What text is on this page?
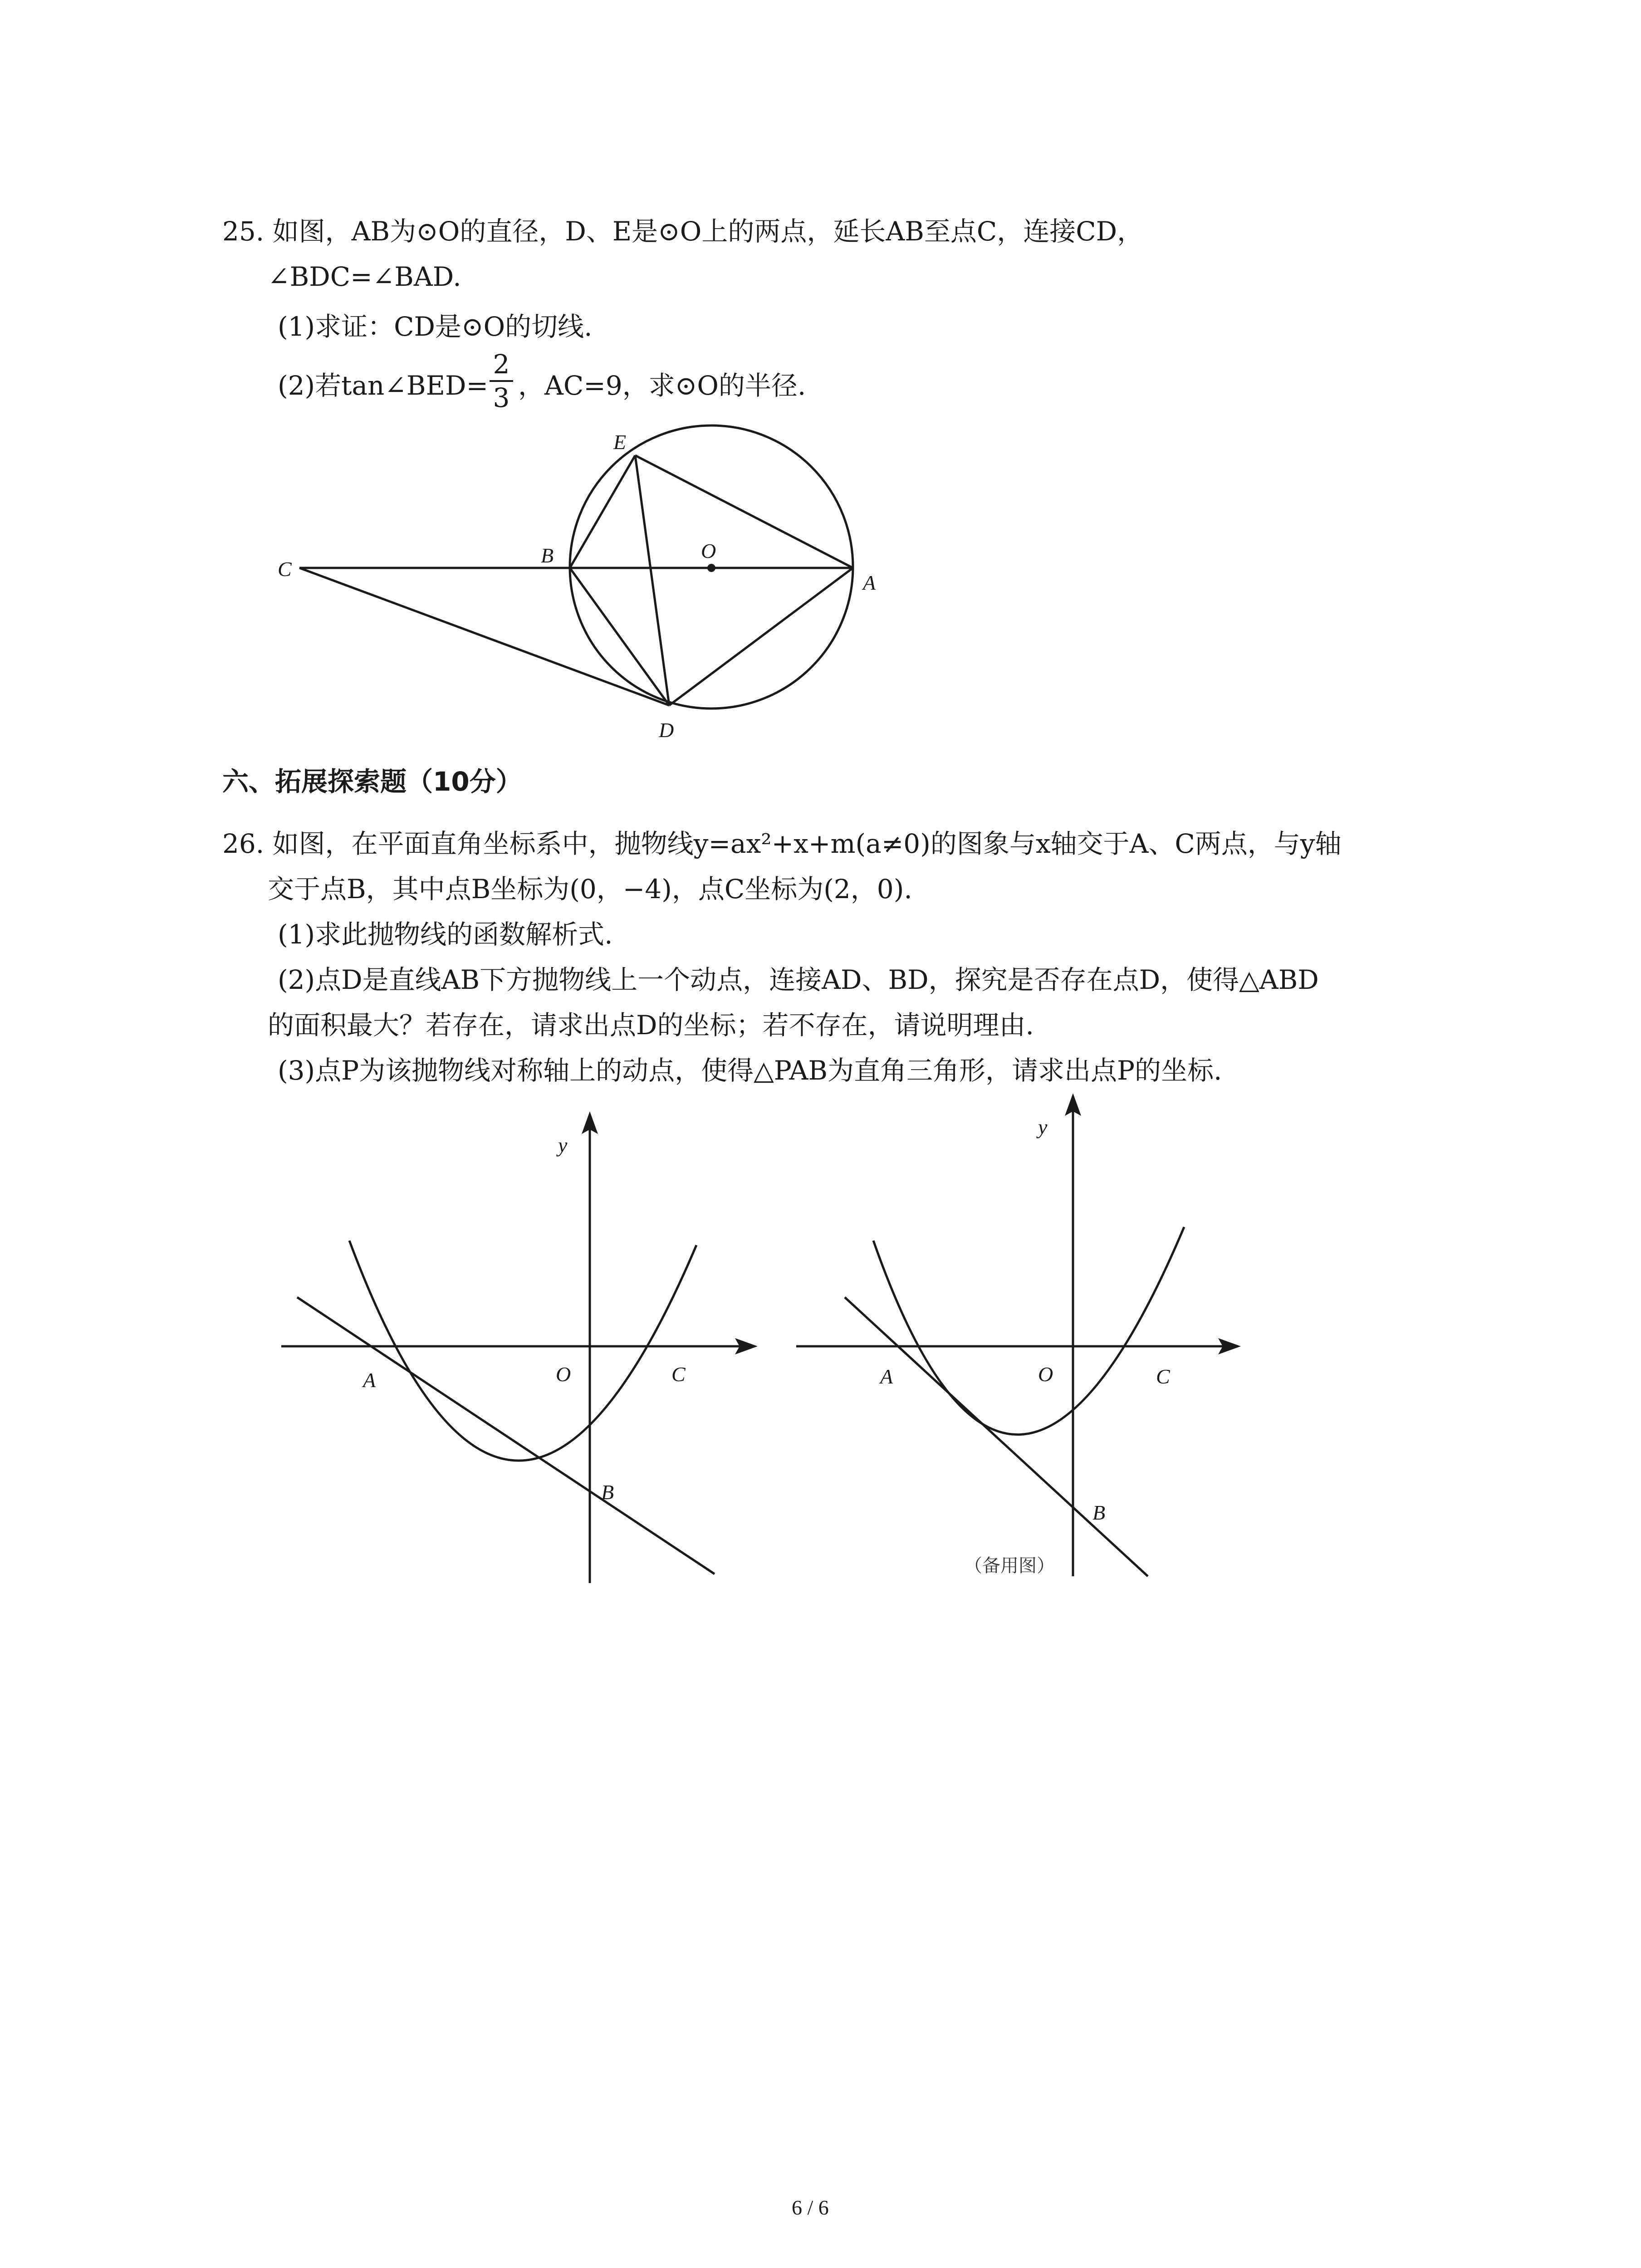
25. 如图，AB为⊙O的直径，D、E是⊙O上的两点，延长AB至点C，连接CD，
∠BDC=∠BAD.
(1)求证：CD是⊙O的切线.
(2)若tan∠BED=
2
3 ，AC=9，求⊙O的半径.
E
B	O
A
C
D
六、拓展探索题（10分）
26. 如图，在平面直角坐标系中，抛物线y=ax²+x+m(a≠0)的图象与x轴交于A、C两点，与y轴
交于点B，其中点B坐标为(0，−4)，点C坐标为(2，0).
(1)求此抛物线的函数解析式.
(2)点D是直线AB下方抛物线上一个动点，连接AD、BD，探究是否存在点D，使得△ABD
的面积最大？若存在，请求出点D的坐标；若不存在，请说明理由.
(3)点P为该抛物线对称轴上的动点，使得△PAB为直角三角形，请求出点P的坐标.
y
O
A	C
B
y
O
A	C
B
（备用图）
6 / 6
